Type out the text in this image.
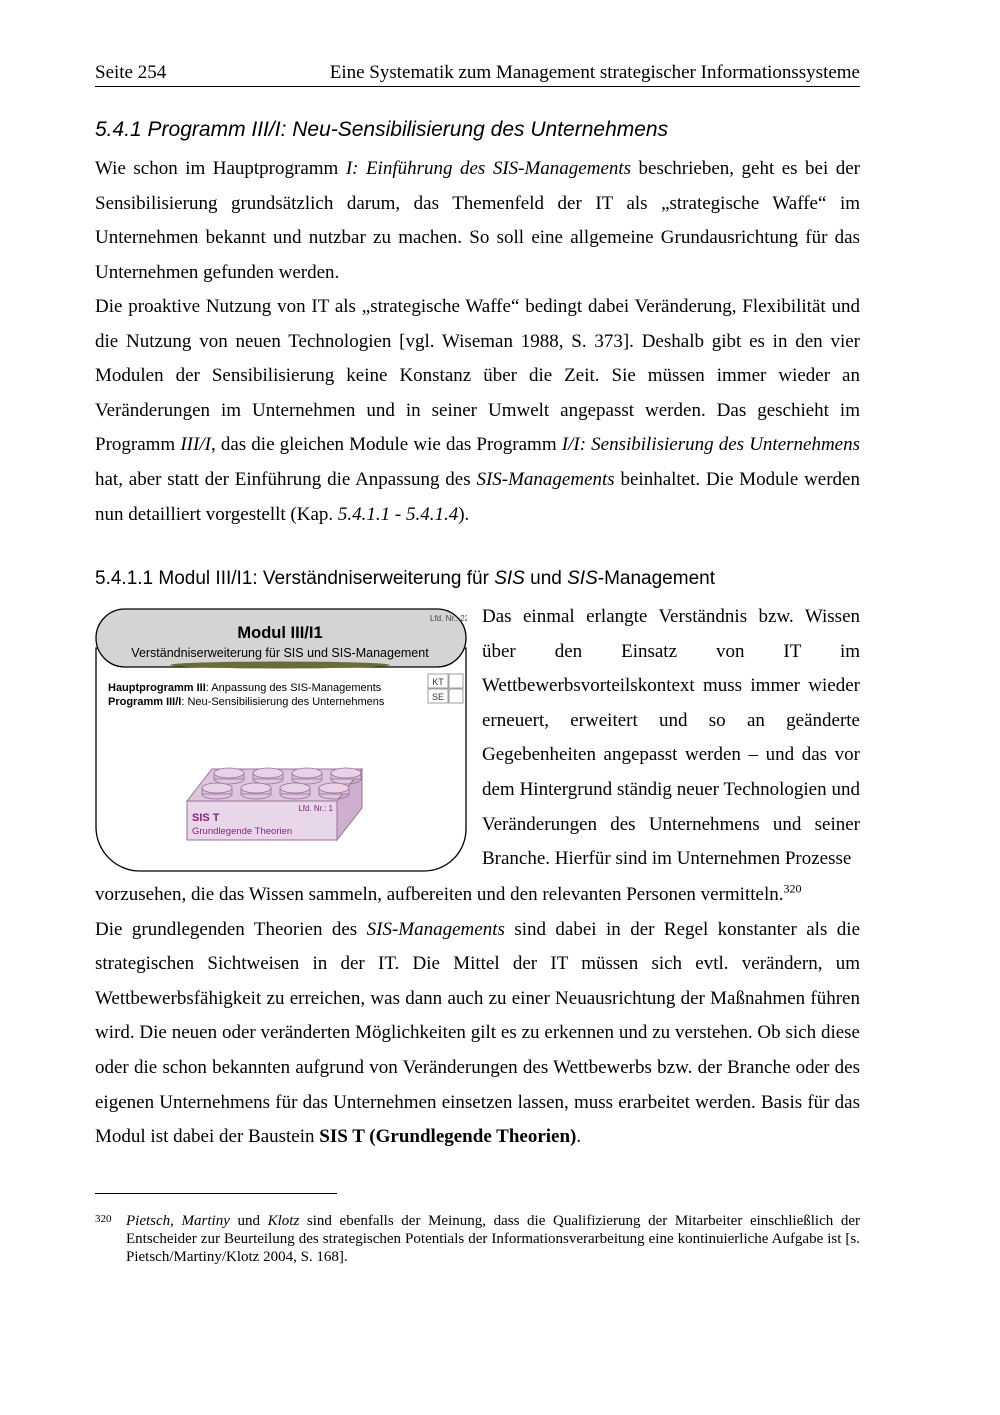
Seite 254	Eine Systematik zum Management strategischer Informationssysteme
5.4.1 Programm III/I: Neu-Sensibilisierung des Unternehmens

Wie schon im Hauptprogramm I: Einführung des SIS-Managements beschrieben, geht es bei der Sensibilisierung grundsätzlich darum, das Themenfeld der IT als „strategische Waffe“ im Unternehmen bekannt und nutzbar zu machen. So soll eine allgemeine Grundausrichtung für das Unternehmen gefunden werden.

Die proaktive Nutzung von IT als „strategische Waffe“ bedingt dabei Veränderung, Flexibilität und die Nutzung von neuen Technologien [vgl. Wiseman 1988, S. 373]. Deshalb gibt es in den vier Modulen der Sensibilisierung keine Konstanz über die Zeit. Sie müssen immer wieder an Veränderungen im Unternehmen und in seiner Umwelt angepasst werden. Das geschieht im Programm III/I, das die gleichen Module wie das Programm I/I: Sensibilisierung des Unternehmens hat, aber statt der Einführung die Anpassung des SIS-Managements beinhaltet. Die Module werden nun detailliert vorgestellt (Kap. 5.4.1.1 - 5.4.1.4).

5.4.1.1 Modul III/I1: Verständniserweiterung für SIS und SIS-Management
Lfd. Nr.: 22
Modul III/I1
Verständniserweiterung für SIS und SIS-Management
Hauptprogramm III: Anpassung des SIS-Managements
Programm III/I: Neu-Sensibilisierung des Unternehmens
KT
SE
Lfd. Nr.: 1
SIS T
Grundlegende Theorien

Das einmal erlangte Verständnis bzw. Wissen über den Einsatz von IT im Wettbewerbsvorteilskontext muss immer wieder erneuert, erweitert und so an geänderte Gegebenheiten angepasst werden – und das vor dem Hintergrund ständig neuer Technologien und Veränderungen des Unternehmens und seiner Branche. Hierfür sind im Unternehmen Prozesse

vorzusehen, die das Wissen sammeln, aufbereiten und den relevanten Personen vermitteln.$^{320}$
Die grundlegenden Theorien des SIS-Managements sind dabei in der Regel konstanter als die strategischen Sichtweisen in der IT. Die Mittel der IT müssen sich evtl. verändern, um Wettbewerbsfähigkeit zu erreichen, was dann auch zu einer Neuausrichtung der Maßnahmen führen wird. Die neuen oder veränderten Möglichkeiten gilt es zu erkennen und zu verstehen. Ob sich diese oder die schon bekannten aufgrund von Veränderungen des Wettbewerbs bzw. der Branche oder des eigenen Unternehmens für das Unternehmen einsetzen lassen, muss erarbeitet werden. Basis für das Modul ist dabei der Baustein SIS T (Grundlegende Theorien).

320 Pietsch, Martiny und Klotz sind ebenfalls der Meinung, dass die Qualifizierung der Mitarbeiter einschließlich der Entscheider zur Beurteilung des strategischen Potentials der Informationsverarbeitung eine kontinuierliche Aufgabe ist [s. Pietsch/Martiny/Klotz 2004, S. 168].
